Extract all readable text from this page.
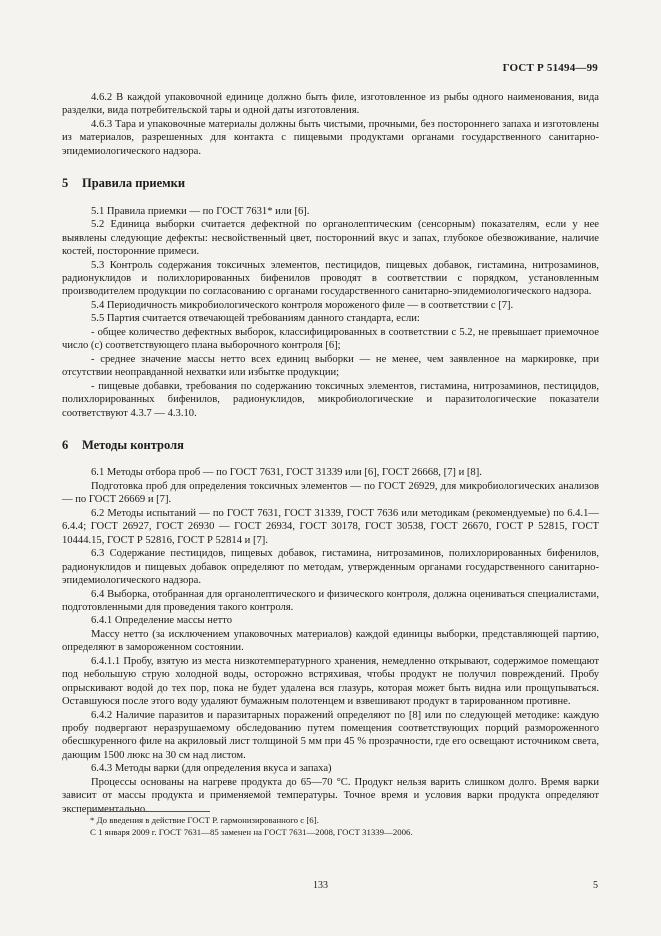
ГОСТ Р 51494—99

4.6.2 В каждой упаковочной единице должно быть филе, изготовленное из рыбы одного наименования, вида разделки, вида потребительской тары и одной даты изготовления.

4.6.3 Тара и упаковочные материалы должны быть чистыми, прочными, без постороннего запаха и изготовлены из материалов, разрешенных для контакта с пищевыми продуктами органами государственного санитарно-эпидемиологического надзора.

5 Правила приемки

5.1 Правила приемки — по ГОСТ 7631* или [6].

5.2 Единица выборки считается дефектной по органолептическим (сенсорным) показателям, если у нее выявлены следующие дефекты: несвойственный цвет, посторонний вкус и запах, глубокое обезвоживание, наличие костей, посторонние примеси.

5.3 Контроль содержания токсичных элементов, пестицидов, пищевых добавок, гистамина, нитрозаминов, радионуклидов и полихлорированных бифенилов проводят в соответствии с порядком, установленным производителем продукции по согласованию с органами государственного санитарно-эпидемиологического надзора.

5.4 Периодичность микробиологического контроля мороженого филе — в соответствии с [7].

5.5 Партия считается отвечающей требованиям данного стандарта, если:

- общее количество дефектных выборок, классифицированных в соответствии с 5.2, не превышает приемочное число (c) соответствующего плана выборочного контроля [6];

- среднее значение массы нетто всех единиц выборки — не менее, чем заявленное на маркировке, при отсутствии неоправданной нехватки или избытке продукции;

- пищевые добавки, требования по содержанию токсичных элементов, гистамина, нитрозаминов, пестицидов, полихлорированных бифенилов, радионуклидов, микробиологические и паразитологические показатели соответствуют 4.3.7 — 4.3.10.

6 Методы контроля

6.1 Методы отбора проб — по ГОСТ 7631, ГОСТ 31339 или [6], ГОСТ 26668, [7] и [8].

Подготовка проб для определения токсичных элементов — по ГОСТ 26929, для микробиологических анализов — по ГОСТ 26669 и [7].

6.2 Методы испытаний — по ГОСТ 7631, ГОСТ 31339, ГОСТ 7636 или методикам (рекомендуемые) по 6.4.1—6.4.4; ГОСТ 26927, ГОСТ 26930 — ГОСТ 26934, ГОСТ 30178, ГОСТ 30538, ГОСТ 26670, ГОСТ Р 52815, ГОСТ 10444.15, ГОСТ Р 52816, ГОСТ Р 52814 и [7].

6.3 Содержание пестицидов, пищевых добавок, гистамина, нитрозаминов, полихлорированных бифенилов, радионуклидов и пищевых добавок определяют по методам, утвержденным органами государственного санитарно-эпидемиологического надзора.

6.4 Выборка, отобранная для органолептического и физического контроля, должна оцениваться специалистами, подготовленными для проведения такого контроля.

6.4.1 Определение массы нетто

Массу нетто (за исключением упаковочных материалов) каждой единицы выборки, представляющей партию, определяют в замороженном состоянии.

6.4.1.1 Пробу, взятую из места низкотемпературного хранения, немедленно открывают, содержимое помещают под небольшую струю холодной воды, осторожно встряхивая, чтобы продукт не получил повреждений. Пробу опрыскивают водой до тех пор, пока не будет удалена вся глазурь, которая может быть видна или прощупываться. Оставшуюся после этого воду удаляют бумажным полотенцем и взвешивают продукт в тарированном противне.

6.4.2 Наличие паразитов и паразитарных поражений определяют по [8] или по следующей методике: каждую пробу подвергают неразрушаемому обследованию путем помещения соответствующих порций размороженного обесшкуренного филе на акриловый лист толщиной 5 мм при 45 % прозрачности, где его освещают источником света, дающим 1500 люкс на 30 см над листом.

6.4.3 Методы варки (для определения вкуса и запаха)

Процессы основаны на нагреве продукта до 65—70 °С. Продукт нельзя варить слишком долго. Время варки зависит от массы продукта и применяемой температуры. Точное время и условия варки продукта определяют экспериментально.

* До введения в действие ГОСТ Р. гармонизированного с [6].
С 1 января 2009 г. ГОСТ 7631—85 заменен на ГОСТ 7631—2008, ГОСТ 31339—2006.
133	5
